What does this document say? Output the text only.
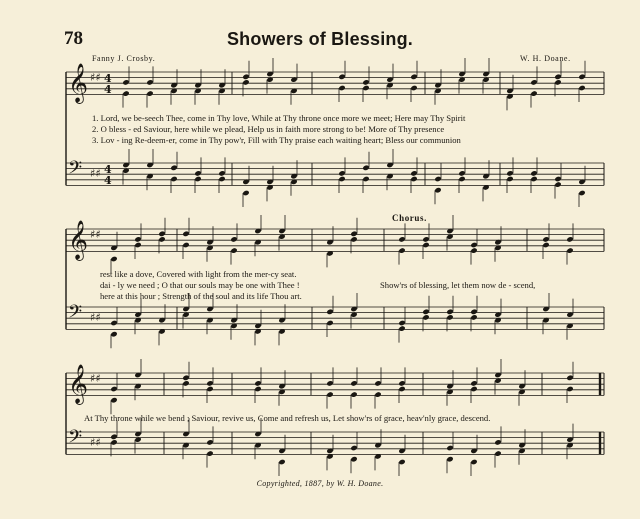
𝄞 ♯♯ 4
4
𝄢 ♯♯ 4
4
𝄞 ♯♯
𝄢 ♯♯
𝄞 ♯♯
𝄢 ♯♯
78	Showers of Blessing.
Fanny J. Crosby.	W. H. Doane.
1. Lord, we be-seech Thee, come in Thy love, While at Thy throne once more we meet; Here may Thy Spirit
2. O bless - ed Saviour, here while we plead, Help us in faith more strong to be! More of Thy presence
3. Lov - ing Re-deem-er, come in Thy pow'r, Fill with Thy praise each waiting heart; Bless our communion
Chorus.
rest like a dove, Covered with light from the mer-cy seat.
dai - ly we need ; O that our souls may be one with Thee !
here at this hour ; Strength of the soul and its life Thou art.
Show'rs of blessing, let them now de - scend,
At Thy throne while we bend ; Saviour, revive us, Come and refresh us, Let show'rs of grace, heav'nly grace, descend.
Copyrighted, 1887, by W. H. Doane.
